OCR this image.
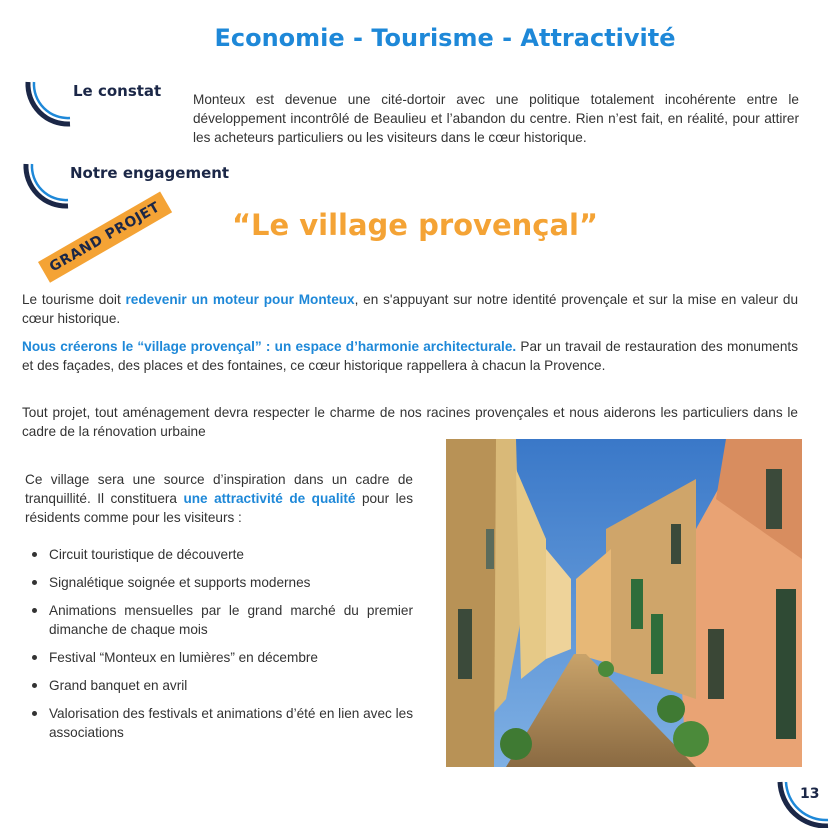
Economie - Tourisme - Attractivité
Le constat Monteux est devenue une cité-dortoir avec une politique totalement incohérente entre le développement incontrôlé de Beaulieu et l’abandon du centre. Rien n’est fait, en réalité, pour attirer les acheteurs particuliers ou les visiteurs dans le cœur historique.
Notre engagement
GRAND PROJET	“Le village provençal”
Le tourisme doit redevenir un moteur pour Monteux, en s'appuyant sur notre identité provençale et sur la mise en valeur du cœur historique.
Nous créerons le “village provençal” : un espace d’harmonie architecturale. Par un travail de restauration des monuments et des façades, des places et des fontaines, ce cœur historique rappellera à chacun la Provence.
Tout projet, tout aménagement devra respecter le charme de nos racines provençales et nous aiderons les particuliers dans le cadre de la rénovation urbaine
Ce village sera une source d’inspiration dans un cadre de tranquillité. Il constituera une attractivité de qualité pour les résidents comme pour les visiteurs :
Circuit touristique de découverte
Signalétique soignée et supports modernes
Animations mensuelles par le grand marché du premier dimanche de chaque mois
Festival “Monteux en lumières” en décembre
Grand banquet en avril
Valorisation des festivals et animations d’été en lien avec les associations
13
